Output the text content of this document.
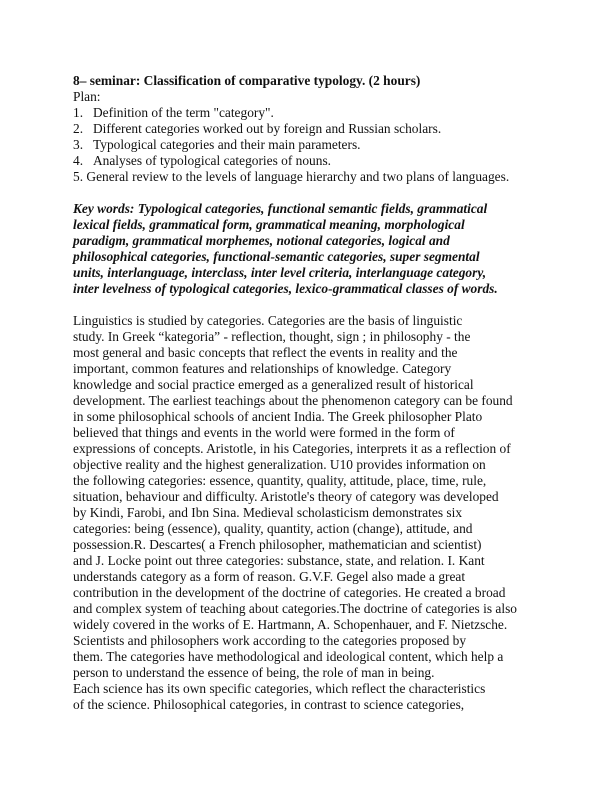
8– seminar: Classification of comparative typology. (2 hours)
Plan:
1. Definition of the term "category".
2. Different categories worked out by foreign and Russian scholars.
3. Typological categories and their main parameters.
4. Analyses of typological categories of nouns.
5. General review to the levels of language hierarchy and two plans of languages.
Key words: Typological categories, functional semantic fields, grammatical
lexical fields, grammatical form, grammatical meaning, morphological
paradigm, grammatical morphemes, notional categories, logical and
philosophical categories, functional-semantic categories, super segmental
units, interlanguage, interclass, inter level criteria, interlanguage category,
inter levelness of typological categories, lexico-grammatical classes of words.
Linguistics is studied by categories. Categories are the basis of linguistic
study. In Greek “kategoria” - reflection, thought, sign ; in philosophy - the
most general and basic concepts that reflect the events in reality and the
important, common features and relationships of knowledge. Category
knowledge and social practice emerged as a generalized result of historical
development. The earliest teachings about the phenomenon category can be found
in some philosophical schools of ancient India. The Greek philosopher Plato
believed that things and events in the world were formed in the form of
expressions of concepts. Aristotle, in his Categories, interprets it as a reflection of
objective reality and the highest generalization. U10 provides information on
the following categories: essence, quantity, quality, attitude, place, time, rule,
situation, behaviour and difficulty. Aristotle's theory of category was developed
by Kindi, Farobi, and Ibn Sina. Medieval scholasticism demonstrates six
categories: being (essence), quality, quantity, action (change), attitude, and
possession.R. Descartes( a French philosopher, mathematician and scientist)
and J. Locke point out three categories: substance, state, and relation. I. Kant
understands category as a form of reason. G.V.F. Gegel also made a great
contribution in the development of the doctrine of categories. He created a broad
and complex system of teaching about categories.The doctrine of categories is also
widely covered in the works of E. Hartmann, A. Schopenhauer, and F. Nietzsche.
Scientists and philosophers work according to the categories proposed by
them. The categories have methodological and ideological content, which help a
person to understand the essence of being, the role of man in being.
Each science has its own specific categories, which reflect the characteristics
of the science. Philosophical categories, in contrast to science categories,
